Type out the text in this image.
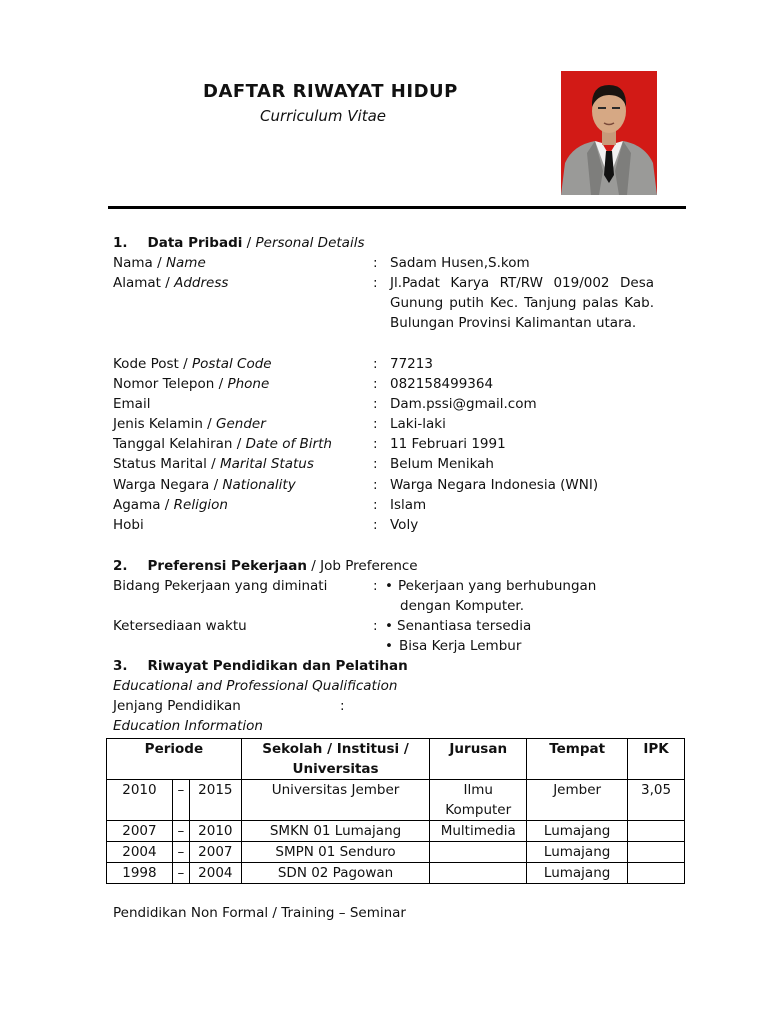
DAFTAR RIWAYAT HIDUP
Curriculum Vitae
1. Data Pribadi / Personal Details
Nama / Name	: Sadam Husen,S.kom
Alamat / Address	: Jl.Padat Karya RT/RW 019/002 Desa Gunung putih Kec. Tanjung palas Kab. Bulungan Provinsi Kalimantan utara.
Kode Post / Postal Code	: 77213
Nomor Telepon / Phone	: 082158499364
Email	: Dam.pssi@gmail.com
Jenis Kelamin / Gender	: Laki-laki
Tanggal Kelahiran / Date of Birth	: 11 Februari 1991
Status Marital / Marital Status	: Belum Menikah
Warga Negara / Nationality	: Warga Negara Indonesia (WNI)
Agama / Religion	: Islam
Hobi	: Voly
2. Preferensi Pekerjaan / Job Preference
Bidang Pekerjaan yang diminati	: • Pekerjaan yang berhubungan
dengan Komputer.
Ketersediaan waktu	: • Senantiasa tersedia
• Bisa Kerja Lembur
3. Riwayat Pendidikan dan Pelatihan
Educational and Professional Qualification
Jenjang Pendidikan	:
Education Information
Periode			Sekolah / Institusi / Universitas	Jurusan	Tempat	IPK
2010	–	2015	Universitas Jember	Ilmu Komputer	Jember	3,05
2007	–	2010	SMKN 01 Lumajang	Multimedia	Lumajang	
2004	–	2007	SMPN 01 Senduro		Lumajang	
1998	–	2004	SDN 02 Pagowan		Lumajang	
Pendidikan Non Formal / Training – Seminar
